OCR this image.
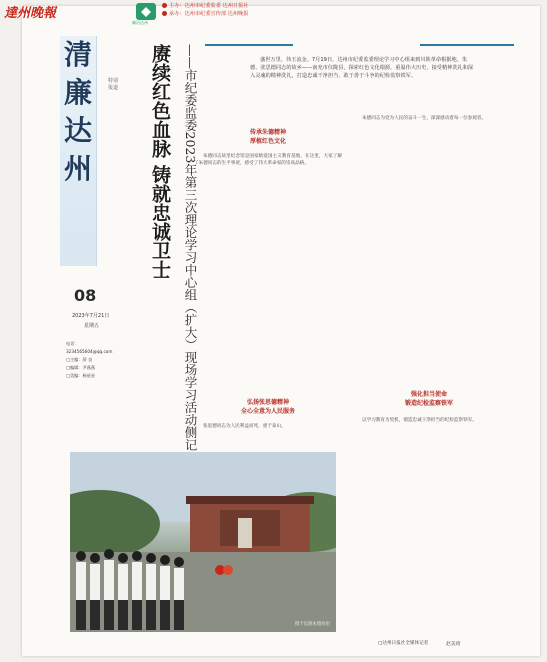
達州晚報
廉洁达州
主办：达州市纪委监委 达州日报社
承办：达州市纪委宣传部 达州晚报
清
廉
达
州
特别报道
08
2023年7月21日
星期五
电话：
3234565604@qq.com
□主编：薛 良
□编辑：尹燕燕
□美编：杨星星
赓续红色血脉 铸就忠诚卫士 ——市纪委监委2023年第三次理论学习中心组（扩大）现场学习活动侧记	盛世万里，伟玉流金。7月19日，达州市纪委监委理论学习中心组来到川陕革命根据地，朱德、张思德同志的故乡——南充市仪陇县，探索红色文化根源，重温伟大历史，接受精神洗礼和深入灵魂的精神洗礼，打造忠诚干净担当、敢于善于斗争的纪检监察铁军。
传承朱德精神
厚植红色文化
弘扬张思德精神
全心全意为人民服务
强化担当使命
锻造纪检监察铁军

朱德同志故里纪念馆是国家级爱国主义教育基地，在这里，大家了解了朱德同志的生平事迹，感受了伟大革命家的崇高品格。

朱德同志为党为人民的奋斗一生，深深感动着每一位参观者。

张思德同志为人民利益而死，重于泰山。

以学习教育为契机，锻造忠诚干净担当的纪检监察铁军。

摄于仪陇朱德故里
□达州日报社全媒体记者	赵美琦
